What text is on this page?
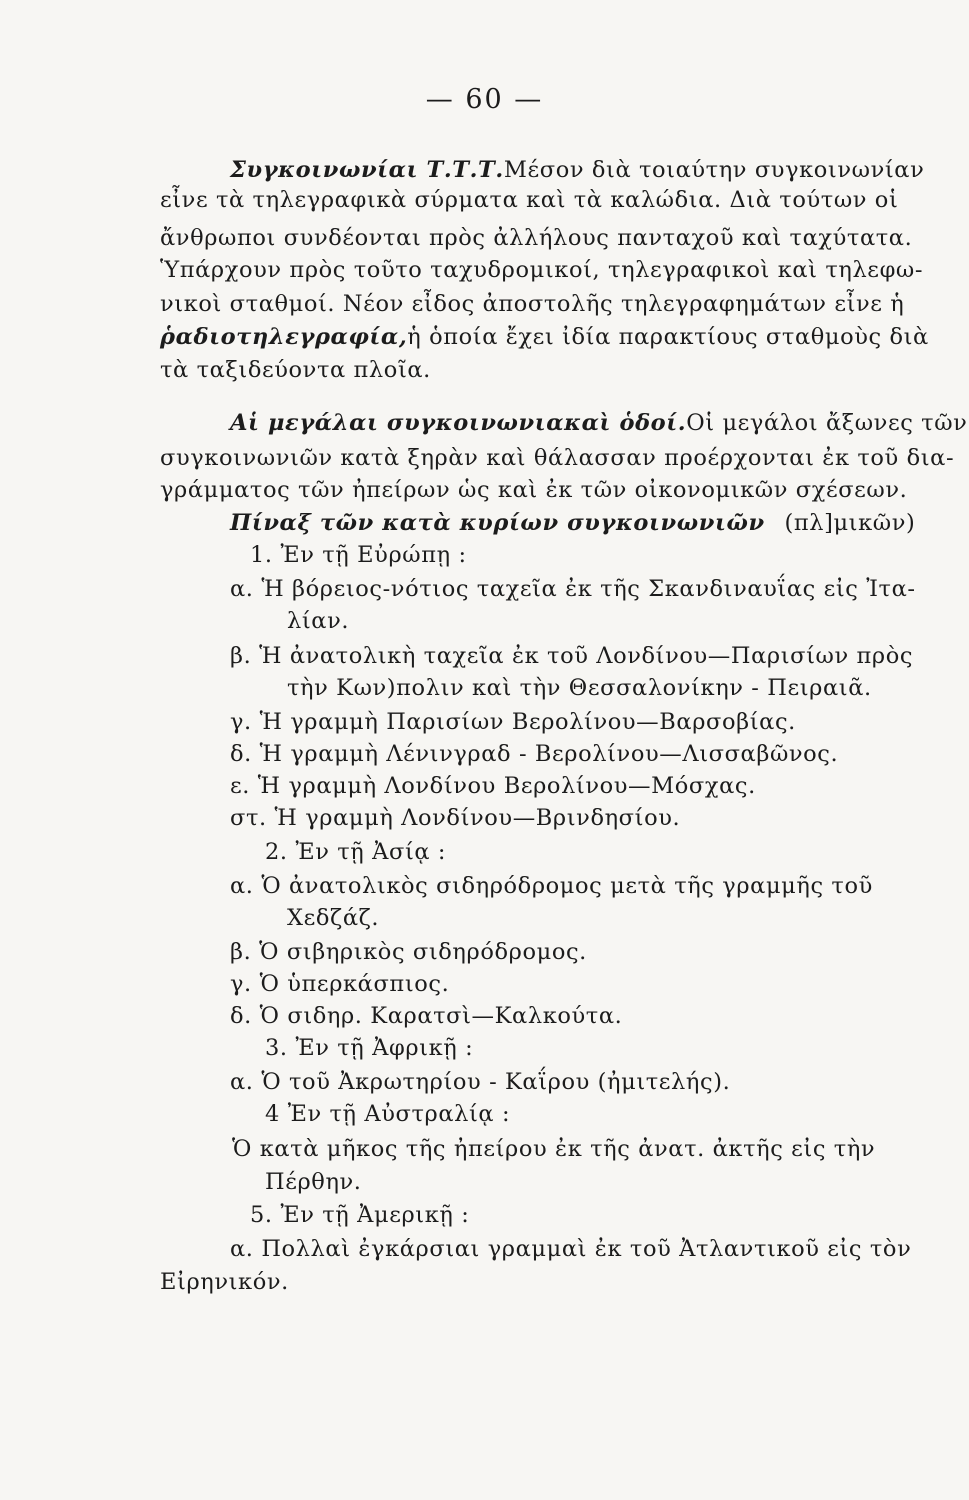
— 60 —
Συγκοινωνίαι Τ.Τ.Τ. Μέσον διὰ τοιαύτην συγκοινωνίαν
εἶνε τὰ τηλεγραφικὰ σύρματα καὶ τὰ καλώδια. Διὰ τούτων οἱ
ἄνθρωποι συνδέονται πρὸς ἀλλήλους πανταχοῦ καὶ ταχύτατα.
Ὑπάρχουν πρὸς τοῦτο ταχυδρομικοί, τηλεγραφικοὶ καὶ τηλεφω-
νικοὶ σταθμοί. Νέον εἶδος ἀποστολῆς τηλεγραφημάτων εἶνε ἡ
ῥαδιοτηλεγραφία, ἡ ὁποία ἔχει ἰδία παρακτίους σταθμοὺς διὰ
τὰ ταξιδεύοντα πλοῖα.
Αἱ μεγάλαι συγκοινωνιακαὶ ὁδοί. Οἱ μεγάλοι ἄξωνες τῶν
συγκοινωνιῶν κατὰ ξηρὰν καὶ θάλασσαν προέρχονται ἐκ τοῦ δια-
γράμματος τῶν ἠπείρων ὡς καὶ ἐκ τῶν οἰκονομικῶν σχέσεων.
Πίναξ τῶν κατὰ κυρίων συγκοινωνιῶν (πλ]μικῶν)
1. Ἐν τῇ Εὐρώπῃ :
α. Ἡ βόρειος-νότιος ταχεῖα ἐκ τῆς Σκανδιναυΐας εἰς Ἰτα-
λίαν.
β. Ἡ ἀνατολικὴ ταχεῖα ἐκ τοῦ Λονδίνου—Παρισίων πρὸς
τὴν Κων)πολιν καὶ τὴν Θεσσαλονίκην - Πειραιᾶ.
γ. Ἡ γραμμὴ Παρισίων Βερολίνου—Βαρσοβίας.
δ. Ἡ γραμμὴ Λένινγραδ - Βερολίνου—Λισσαβῶνος.
ε. Ἡ γραμμὴ Λονδίνου Βερολίνου—Μόσχας.
στ. Ἡ γραμμὴ Λονδίνου—Βρινδησίου.
2. Ἐν τῇ Ἀσίᾳ :
α. Ὁ ἀνατολικὸς σιδηρόδρομος μετὰ τῆς γραμμῆς τοῦ
Χεδζάζ.
β. Ὁ σιβηρικὸς σιδηρόδρομος.
γ. Ὁ ὑπερκάσπιος.
δ. Ὁ σιδηρ. Καρατσὶ—Καλκούτα.
3. Ἐν τῇ Ἀφρικῇ :
α. Ὁ τοῦ Ἀκρωτηρίου - Καΐρου (ἠμιτελής).
4 Ἐν τῇ Αὐστραλίᾳ :
Ὁ κατὰ μῆκος τῆς ἠπείρου ἐκ τῆς ἀνατ. ἀκτῆς εἰς τὴν
Πέρθην.
5. Ἐν τῇ Ἀμερικῇ :
α. Πολλαὶ ἐγκάρσιαι γραμμαὶ ἐκ τοῦ Ἀτλαντικοῦ εἰς τὸν
Εἰρηνικόν.
